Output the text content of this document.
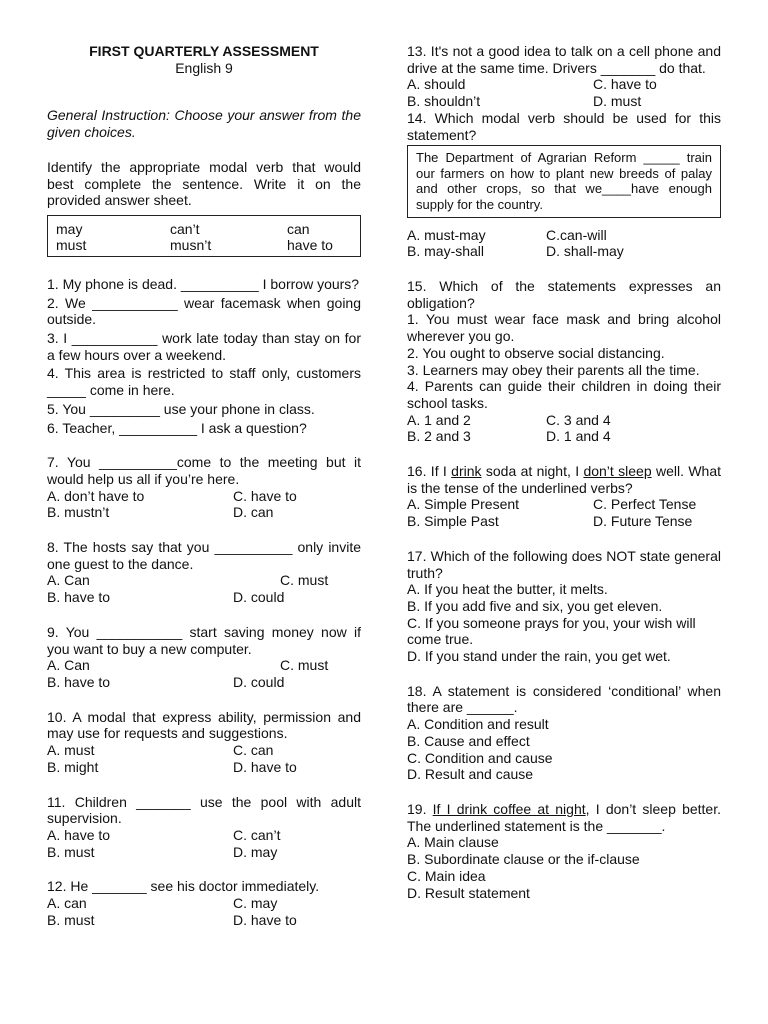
FIRST QUARTERLY ASSESSMENT

English 9

General Instruction: Choose your answer from the given choices.

Identify the appropriate modal verb that would best complete the sentence. Write it on the provided answer sheet.

may	can’t	can
must	musn’t	have to

1. My phone is dead. __________ I borrow yours?

2. We ___________ wear facemask when going outside.

3. I ___________ work late today than stay on for a few hours over a weekend.

4. This area is restricted to staff only, customers _____ come in here.

5. You _________ use your phone in class.

6. Teacher, __________ I ask a question?

7. You __________come to the meeting but it would help us all if you’re here.

A. don’t have to	C. have to
B. mustn’t	D. can

8. The hosts say that you __________ only invite one guest to the dance.

A. Can	C. must
B. have to	D. could

9. You ___________ start saving money now if you want to buy a new computer.

A. Can	C. must
B. have to	D. could

10. A modal that express ability, permission and may use for requests and suggestions.

A. must	C. can
B. might	D. have to

11. Children _______ use the pool with adult supervision.

A. have to	C. can’t
B. must	D. may

12. He _______ see his doctor immediately.

A. can	C. may
B. must	D. have to

13. It's not a good idea to talk on a cell phone and drive at the same time. Drivers _______ do that.

A. should	C. have to
B. shouldn’t	D. must

14. Which modal verb should be used for this statement?

The Department of Agrarian Reform _____ train our farmers on how to plant new breeds of palay and other crops, so that we____have enough supply for the country.
A. must-may	C.can-will
B. may-shall	D. shall-may

15. Which of the statements expresses an obligation?

1. You must wear face mask and bring alcohol wherever you go.

2. You ought to observe social distancing.

3. Learners may obey their parents all the time.

4. Parents can guide their children in doing their school tasks.

A. 1 and 2	C. 3 and 4
B. 2 and 3	D. 1 and 4

16. If I drink soda at night, I don’t sleep well. What is the tense of the underlined verbs?

A. Simple Present	C. Perfect Tense
B. Simple Past	D. Future Tense

17. Which of the following does NOT state general truth?

A. If you heat the butter, it melts.
B. If you add five and six, you get eleven.
C. If you someone prays for you, your wish will come true.
D. If you stand under the rain, you get wet.

18. A statement is considered ‘conditional’ when there are ______.

A. Condition and result
B. Cause and effect
C. Condition and cause
D. Result and cause

19. If I drink coffee at night, I don’t sleep better. The underlined statement is the _______.

A. Main clause
B. Subordinate clause or the if-clause
C. Main idea
D. Result statement
